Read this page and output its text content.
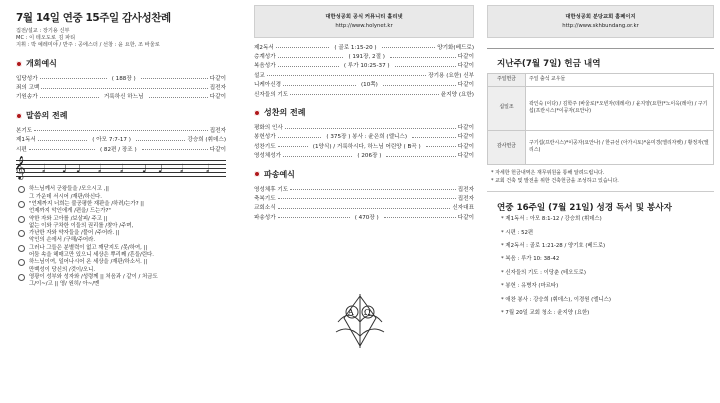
7월 14일 연중 15주일 감사성찬례
집전/설교 : 장기용 신부
MC : 이 테오도로_김 파티
지휘 : 박 예레미야 / 반주 : 공에스더 / 선창 : 윤 요한, 조 바울로
개회예식
입당성가	( 188장 )	다같이
죄의 고백	집전자
기원송가	거룩하신 하느님	다같이
말씀의 전례
본기도	집전자
제1독서	( 아모 7:7-17 )	강승희 (휘데스)
시편	( 82편 / 장조 )	다같이
𝄞 𝅗𝅥 ♩ ♩ 𝅗𝅥 𝅗𝅥 ♩ ♩ 𝅗𝅥 𝅗𝅥
하느님께서 군왕들을 /모으시고 ,||
그 가운데 서시어 /재판/하신다.
"언제까지 너희는 불공평한 재판을 /하려/는가? ||
언제까지 악인에게 /편을/ 드는가?"
약한 자와 고아를 /보살피/ 주고 ||
없는 이와 구차한 이들의 권리를 /찾아 /주며,
가난한 자와 약자들을 /풀어 /주어라. ||
악인의 손에서 /구해/주어라.
그러나 그들은 분별력이 없고 깨닫지도 /못/하여, ||
어둠 속을 헤매고만 있으니 세상은 뿌리째 /흔들/린다.
하느님이여, 일어나시어 온 세상을 /재판/하소서. ||
만백성이 당신의 /것이/오니.
영광이 성부와 성자와 /성령께 || 처음과 / 같이 / 처금도
그/이~/고 || 영/ 원히/ 아~/멘
대한성공회 공식 커뮤니티 홀리넷
http://www.holynet.kr
제2독서	( 골로 1:15-20 )	양기화(베드로)
층계성가	( 191장, 2절 )	다같이
복음성가	( 루가 10:25-37 )	다같이
설교	장기용 (요한) 신부
니케아신경	(10쪽)	다같이
신자들의 기도	윤지양 (요한)
성찬의 전례
평화의 인사	다같이
봉헌성가	( 375장 ) 봉사 : 윤은희 (엘니스)	다같이
성찬기도	(1양식) / 거룩하시다, 하느님 어린양 ( B곡 )	다같이
영성체성가	( 206장 )	다같이
파송예식
영성체후 기도	집전자
축복기도	집전자
교회소식	신자대표
파송성가	( 470장 )	다같이
A Ω
대한성공회 분당교회 홈페이지
http://www.skhbundang.or.kr
지난주(7월 7일) 헌금 내역
주일헌금	주일 출석 교우들
십일조	곽인숙 (이다) / 김학주 (바울로)*오빈자(데레사) / 윤지양(요한)*노이옥(레아) / 구기섭(프란시스)*이공자(요안나)
감사헌금	구기섭(프란시스)*이공자(요안나) / 한규선 (아가시토)*윤미경(엘리자벳) / 황정자(엘리스)
* 자세한 헌금내역은 재무위원을 통해 알려드립니다.
* 교회 건축 및 발전을 위한 건축헌금을 조성하고 있습니다.
연중 16주일 (7월 21일) 성경 독서 및 봉사자
* 제1독서 : 아모 8:1-12 / 강승희 (휘데스)
* 시편 : 52편
* 제2독서 : 골로 1:21-28 / 양기호 (베드로)
* 복음 : 루가 10: 38-42
* 신자들의 기도 : 이당춘 (테오도로)
* 봉헌 : 유병자 (마르타)
* 애찬 봉사 : 강승희 (휘데스), 이경원 (엘니스)
* 7월 20일 교회 청소 : 윤지양 (요한)
